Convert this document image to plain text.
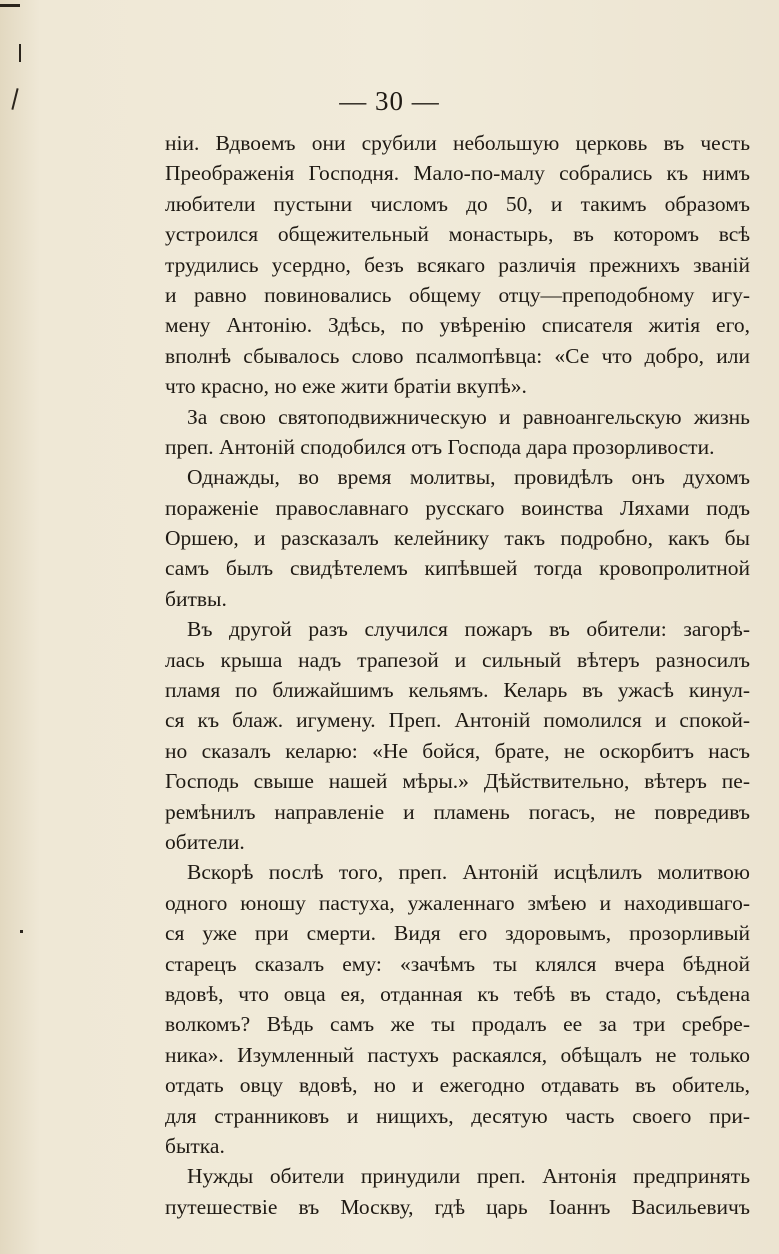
— 30 —
ніи. Вдвоемъ они срубили небольшую церковь въ честь
Преображенія Господня. Мало-по-малу собрались къ нимъ
любители пустыни числомъ до 50, и такимъ образомъ
устроился общежительный монастырь, въ которомъ всѣ
трудились усердно, безъ всякаго различія прежнихъ званій
и равно повиновались общему отцу—преподобному игу-
мену Антонію. Здѣсь, по увѣренію списателя житія его,
вполнѣ сбывалось слово псалмопѣвца: «Се что добро, или
что красно, но еже жити братіи вкупѣ».
За свою святоподвижническую и равноангельскую жизнь
преп. Антоній сподобился отъ Господа дара прозорливости.
Однажды, во время молитвы, провидѣлъ онъ духомъ
пораженіе православнаго русскаго воинства Ляхами подъ
Оршею, и разсказалъ келейнику такъ подробно, какъ бы
самъ былъ свидѣтелемъ кипѣвшей тогда кровопролитной
битвы.
Въ другой разъ случился пожаръ въ обители: загорѣ-
лась крыша надъ трапезой и сильный вѣтеръ разносилъ
пламя по ближайшимъ кельямъ. Келарь въ ужасѣ кинул-
ся къ блаж. игумену. Преп. Антоній помолился и спокой-
но сказалъ келарю: «Не бойся, брате, не оскорбитъ насъ
Господь свыше нашей мѣры.» Дѣйствительно, вѣтеръ пе-
ремѣнилъ направленіе и пламень погасъ, не повредивъ
обители.
Вскорѣ послѣ того, преп. Антоній исцѣлилъ молитвою
одного юношу пастуха, ужаленнаго змѣею и находившаго-
ся уже при смерти. Видя его здоровымъ, прозорливый
старецъ сказалъ ему: «зачѣмъ ты клялся вчера бѣдной
вдовѣ, что овца ея, отданная къ тебѣ въ стадо, съѣдена
волкомъ? Вѣдь самъ же ты продалъ ее за три сребре-
ника». Изумленный пастухъ раскаялся, обѣщалъ не только
отдать овцу вдовѣ, но и ежегодно отдавать въ обитель,
для странниковъ и нищихъ, десятую часть своего при-
бытка.
Нужды обители принудили преп. Антонія предпринять
путешествіе въ Москву, гдѣ царь Іоаннъ Васильевичъ
